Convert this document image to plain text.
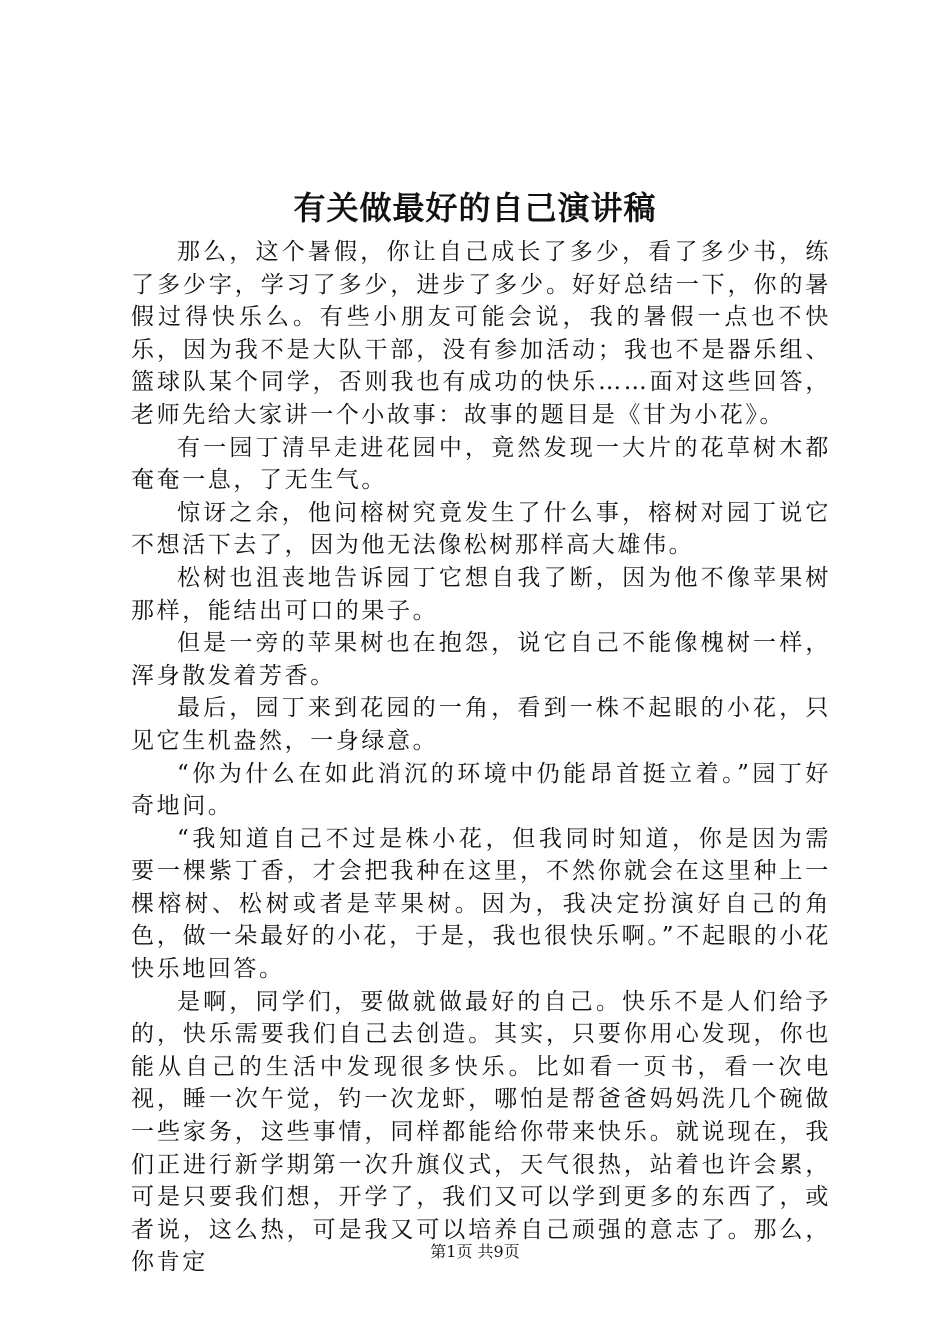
有关做最好的自己演讲稿

那么，这个暑假，你让自己成长了多少，看了多少书，练了多少字，学习了多少，进步了多少。好好总结一下，你的暑假过得快乐么。有些小朋友可能会说，我的暑假一点也不快乐，因为我不是大队干部，没有参加活动；我也不是器乐组、篮球队某个同学，否则我也有成功的快乐……面对这些回答，老师先给大家讲一个小故事：故事的题目是《甘为小花》。

有一园丁清早走进花园中，竟然发现一大片的花草树木都奄奄一息，了无生气。

惊讶之余，他问榕树究竟发生了什么事，榕树对园丁说它不想活下去了，因为他无法像松树那样高大雄伟。

松树也沮丧地告诉园丁它想自我了断，因为他不像苹果树那样，能结出可口的果子。

但是一旁的苹果树也在抱怨，说它自己不能像槐树一样，浑身散发着芳香。

最后，园丁来到花园的一角，看到一株不起眼的小花，只见它生机盎然，一身绿意。

“你为什么在如此消沉的环境中仍能昂首挺立着。”园丁好奇地问。

“我知道自己不过是株小花，但我同时知道，你是因为需要一棵紫丁香，才会把我种在这里，不然你就会在这里种上一棵榕树、松树或者是苹果树。因为，我决定扮演好自己的角色，做一朵最好的小花，于是，我也很快乐啊。”不起眼的小花快乐地回答。

是啊，同学们，要做就做最好的自己。快乐不是人们给予的，快乐需要我们自己去创造。其实，只要你用心发现，你也能从自己的生活中发现很多快乐。比如看一页书，看一次电视，睡一次午觉，钓一次龙虾，哪怕是帮爸爸妈妈洗几个碗做一些家务，这些事情，同样都能给你带来快乐。就说现在，我们正进行新学期第一次升旗仪式，天气很热，站着也许会累，可是只要我们想，开学了，我们又可以学到更多的东西了，或者说，这么热，可是我又可以培养自己顽强的意志了。那么，你肯定	第1页 共9页
